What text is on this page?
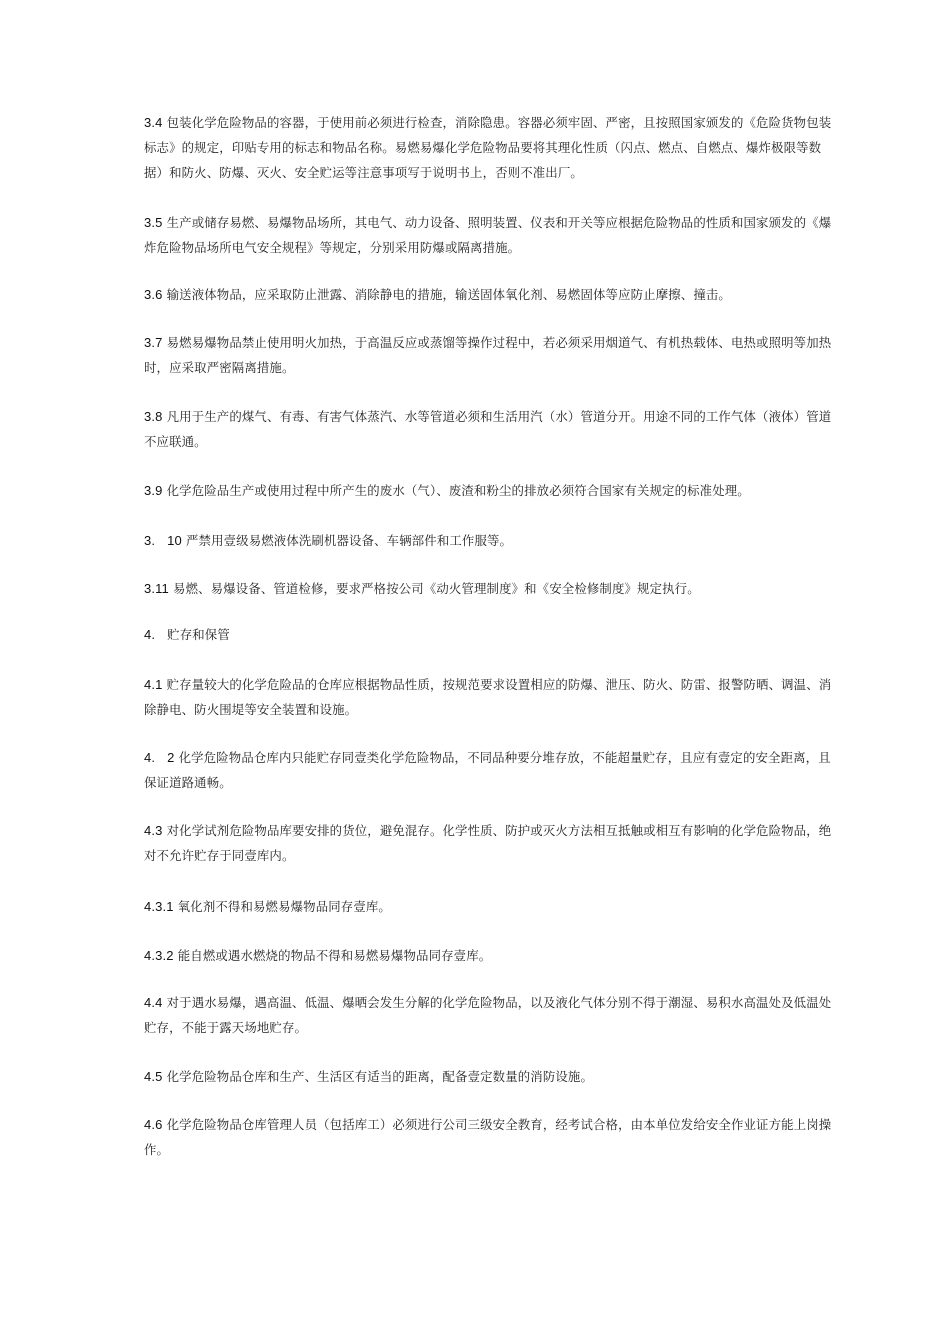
3.4 包装化学危险物品的容器，于使用前必须进行检查，消除隐患。容器必须牢固、严密，且按照国家颁发的《危险货物包装标志》的规定，印贴专用的标志和物品名称。易燃易爆化学危险物品要将其理化性质（闪点、燃点、自燃点、爆炸极限等数据）和防火、防爆、灭火、安全贮运等注意事项写于说明书上，否则不准出厂。

3.5 生产或储存易燃、易爆物品场所，其电气、动力设备、照明装置、仪表和开关等应根据危险物品的性质和国家颁发的《爆炸危险物品场所电气安全规程》等规定，分别采用防爆或隔离措施。

3.6 输送液体物品，应采取防止泄露、消除静电的措施，输送固体氧化剂、易燃固体等应防止摩擦、撞击。

3.7 易燃易爆物品禁止使用明火加热，于高温反应或蒸馏等操作过程中，若必须采用烟道气、有机热载体、电热或照明等加热时，应采取严密隔离措施。

3.8 凡用于生产的煤气、有毒、有害气体蒸汽、水等管道必须和生活用汽（水）管道分开。用途不同的工作气体（液体）管道不应联通。

3.9 化学危险品生产或使用过程中所产生的废水（气）、废渣和粉尘的排放必须符合国家有关规定的标准处理。

3. 10 严禁用壹级易燃液体洗刷机器设备、车辆部件和工作服等。

3.11 易燃、易爆设备、管道检修，要求严格按公司《动火管理制度》和《安全检修制度》规定执行。

4. 贮存和保管

4.1 贮存量较大的化学危险品的仓库应根据物品性质，按规范要求设置相应的防爆、泄压、防火、防雷、报警防晒、调温、消除静电、防火围堤等安全装置和设施。

4. 2 化学危险物品仓库内只能贮存同壹类化学危险物品，不同品种要分堆存放，不能超量贮存，且应有壹定的安全距离，且保证道路通畅。

4.3 对化学试剂危险物品库要安排的货位，避免混存。化学性质、防护或灭火方法相互抵触或相互有影响的化学危险物品，绝对不允许贮存于同壹库内。

4.3.1 氧化剂不得和易燃易爆物品同存壹库。

4.3.2 能自燃或遇水燃烧的物品不得和易燃易爆物品同存壹库。

4.4 对于遇水易爆，遇高温、低温、爆晒会发生分解的化学危险物品，以及液化气体分别不得于潮湿、易积水高温处及低温处贮存，不能于露天场地贮存。

4.5 化学危险物品仓库和生产、生活区有适当的距离，配备壹定数量的消防设施。

4.6 化学危险物品仓库管理人员（包括库工）必须进行公司三级安全教育，经考试合格，由本单位发给安全作业证方能上岗操作。
